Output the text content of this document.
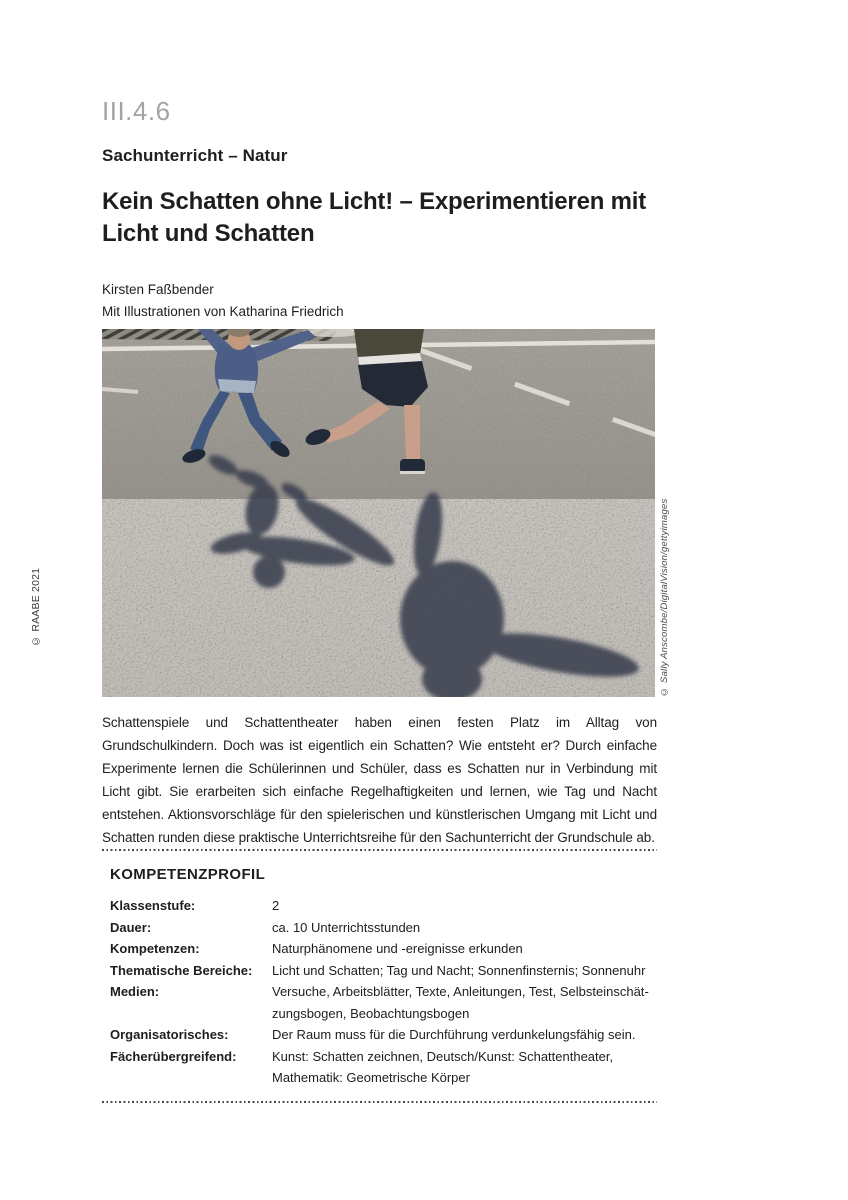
III.4.6
Sachunterricht – Natur
Kein Schatten ohne Licht! – Experimentieren mit Licht und Schatten
Kirsten Faßbender
Mit Illustrationen von Katharina Friedrich
© Sally Anscombe/DigitalVision/gettyimages
© RAABE 2021

Schattenspiele und Schattentheater haben einen festen Platz im Alltag von Grundschulkindern. Doch was ist eigentlich ein Schatten? Wie entsteht er? Durch einfache Experimente lernen die Schülerinnen und Schüler, dass es Schatten nur in Verbindung mit Licht gibt. Sie erarbeiten sich einfache Regelhaftigkeiten und lernen, wie Tag und Nacht entstehen. Aktionsvorschläge für den spielerischen und künstlerischen Umgang mit Licht und Schatten runden diese praktische Unterrichtsreihe für den Sachunterricht der Grundschule ab.

KOMPETENZPROFIL
Klassenstufe:	2
Dauer:	ca. 10 Unterrichtsstunden
Kompetenzen:	Naturphänomene und -ereignisse erkunden
Thematische Bereiche:	Licht und Schatten; Tag und Nacht; Sonnenfinsternis; Sonnenuhr
Medien:	Versuche, Arbeitsblätter, Texte, Anleitungen, Test, Selbsteinschätzungsbogen, Beobachtungsbogen
Organisatorisches:	Der Raum muss für die Durchführung verdunkelungsfähig sein.
Fächerübergreifend:	Kunst: Schatten zeichnen, Deutsch/Kunst: Schattentheater, Mathematik: Geometrische Körper
